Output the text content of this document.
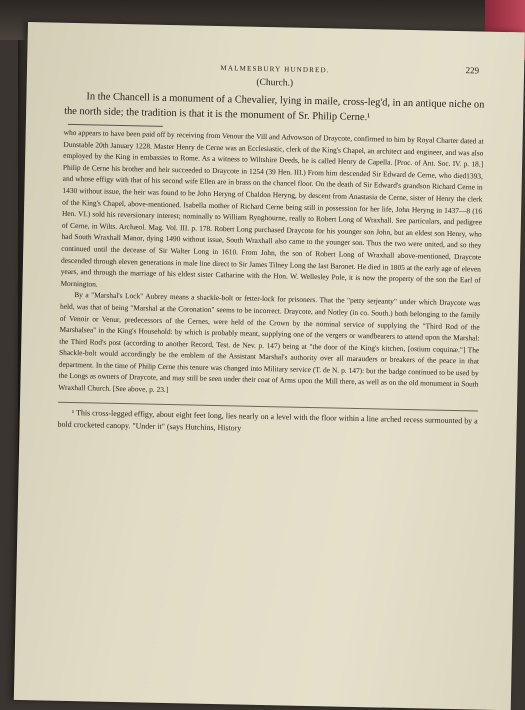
MALMESBURY HUNDRED.	229
(Church.)

In the Chancell is a monument of a Chevalier, lying in maile, cross-leg'd, in an antique niche on the north side; the tradition is that it is the monument of Sr. Philip Cerne.¹

who appears to have been paid off by receiving from Venour the Vill and Advowson of Draycote, confirmed to him by Royal Charter dated at Dunstable 20th January 1228. Master Henry de Cerne was an Ecclesiastic, clerk of the King's Chapel, an architect and engineer, and was also employed by the King in embassies to Rome. As a witness to Wiltshire Deeds, he is called Henry de Capella. [Proc. of Ant. Soc. IV. p. 18.] Philip de Cerne his brother and heir succeeded to Draycote in 1254 (39 Hen. III.) From him descended Sir Edward de Cerne, who died1393, and whose effigy with that of his second wife Ellen are in brass on the chancel floor. On the death of Sir Edward's grandson Richard Cerne in 1430 without issue, the heir was found to be John Heryng of Chaldon Heryng, by descent from Anastasia de Cerne, sister of Henry the clerk of the King's Chapel, above-mentioned. Isabella mother of Richard Cerne being still in possession for her life, John Heryng in 1437—8 (16 Hen. VI.) sold his reversionary interest; nominally to William Rynghourne, really to Robert Long of Wraxhall. See particulars, and pedigree of Cerne, in Wilts. Archæol. Mag. Vol. III. p. 178. Robert Long purchased Draycote for his younger son John, but an eldest son Henry, who had South Wraxhall Manor, dying 1490 without issue, South Wraxhall also came to the younger son. Thus the two were united, and so they continued until the decease of Sir Walter Long in 1610. From John, the son of Robert Long of Wraxhall above-mentioned, Draycote descended through eleven generations in male line direct to Sir James Tilney Long the last Baronet. He died in 1805 at the early age of eleven years, and through the marriage of his eldest sister Catharine with the Hon. W. Wellesley Pole, it is now the property of the son the Earl of Mornington.

By a "Marshal's Lock" Aubrey means a shackle-bolt or fetter-lock for prisoners. That the "petty serjeanty" under which Draycote was held, was that of being "Marshal at the Coronation" seems to be incorrect. Draycote, and Notley (in co. South.) both belonging to the family of Venoir or Venur, predecessors of the Cernes, were held of the Crown by the nominal service of supplying the "Third Rod of the Marshalsea" in the King's Household: by which is probably meant, supplying one of the vergers or wandbearers to attend upon the Marshal: the Third Rod's post (according to another Record, Test. de Nev. p. 147) being at "the door of the King's kitchen, [ostium coquinæ."] The Shackle-bolt would accordingly be the emblem of the Assistant Marshal's authority over all marauders or breakers of the peace in that department. In the time of Philip Cerne this tenure was changed into Military service (T. de N. p. 147): but the badge continued to be used by the Longs as owners of Draycote, and may still be seen under their coat of Arms upon the Mill there, as well as on the old monument in South Wraxhall Church. [See above, p. 23.]

¹ This cross-legged effigy, about eight feet long, lies nearly on a level with the floor within a line arched recess surmounted by a bold crocketed canopy. "Under it" (says Hutchins, History
